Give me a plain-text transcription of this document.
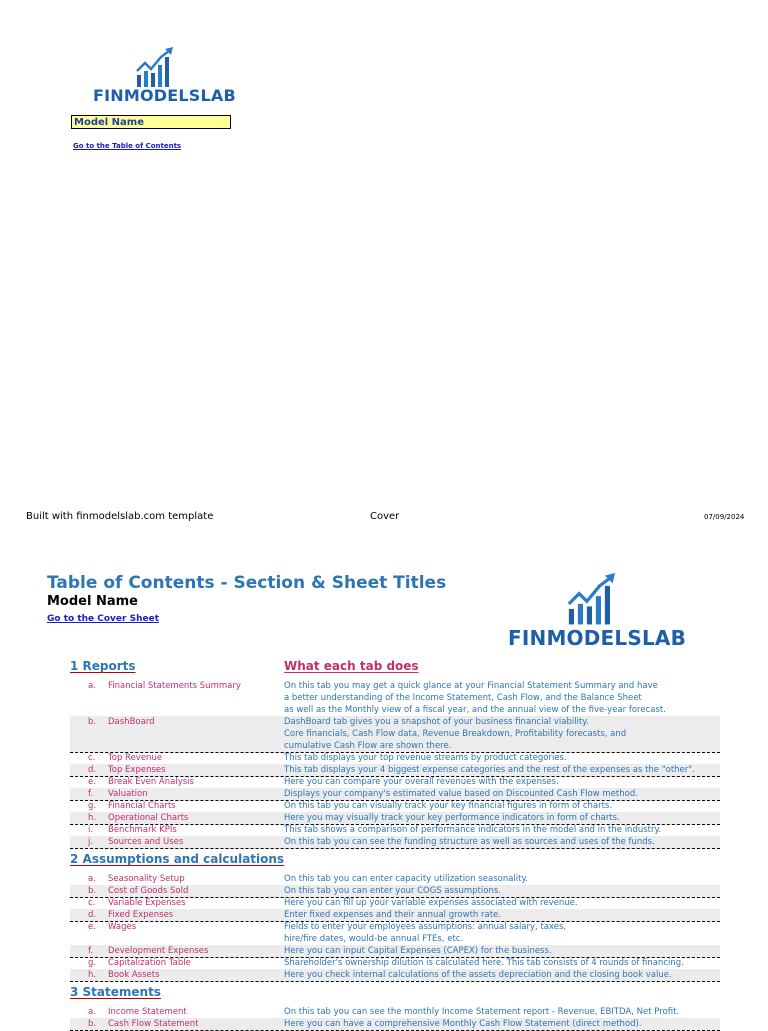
FINMODELSLAB
Model Name
Go to the Table of Contents
Built with finmodelslab.com template	Cover	07/09/2024
Table of Contents - Section & Sheet Titles
Model Name
Go to the Cover Sheet
FINMODELSLAB
What each tab does
1 Reports
a. Financial Statements Summary	On this tab you may get a quick glance at your Financial Statement Summary and have
a better understanding of the Income Statement, Cash Flow, and the Balance Sheet
as well as the Monthly view of a fiscal year, and the annual view of the five-year forecast.
b. DashBoard	DashBoard tab gives you a snapshot of your business financial viability.
Core financials, Cash Flow data, Revenue Breakdown, Profitability forecasts, and
cumulative Cash Flow are shown there.
c. Top Revenue	This tab displays your top revenue streams by product categories.
d. Top Expenses	This tab displays your 4 biggest expense categories and the rest of the expenses as the "other".
e. Break Even Analysis	Here you can compare your overall revenues with the expenses.
f. Valuation	Displays your company's estimated value based on Discounted Cash Flow method.
g. Financial Charts	On this tab you can visually track your key financial figures in form of charts.
h. Operational Charts	Here you may visually track your key performance indicators in form of charts.
i. Benchmark KPIs	This tab shows a comparison of performance indicators in the model and in the industry.
j. Sources and Uses	On this tab you can see the funding structure as well as sources and uses of the funds.
2 Assumptions and calculations
a. Seasonality Setup	On this tab you can enter capacity utilization seasonality.
b. Cost of Goods Sold	On this tab you can enter your COGS assumptions.
c. Variable Expenses	Here you can fill up your variable expenses associated with revenue.
d. Fixed Expenses	Enter fixed expenses and their annual growth rate.
e. Wages	Fields to enter your employees assumptions: annual salary, taxes,
hire/fire dates, would-be annual FTEs, etc.
f. Development Expenses	Here you can input Capital Expenses (CAPEX) for the business.
g. Capitalization Table	Shareholder's ownership dilution is calculated here. This tab consists of 4 rounds of financing.
h. Book Assets	Here you check internal calculations of the assets depreciation and the closing book value.
3 Statements
a. Income Statement	On this tab you can see the monthly Income Statement report - Revenue, EBITDA, Net Profit.
b. Cash Flow Statement	Here you can have a comprehensive Monthly Cash Flow Statement (direct method).
